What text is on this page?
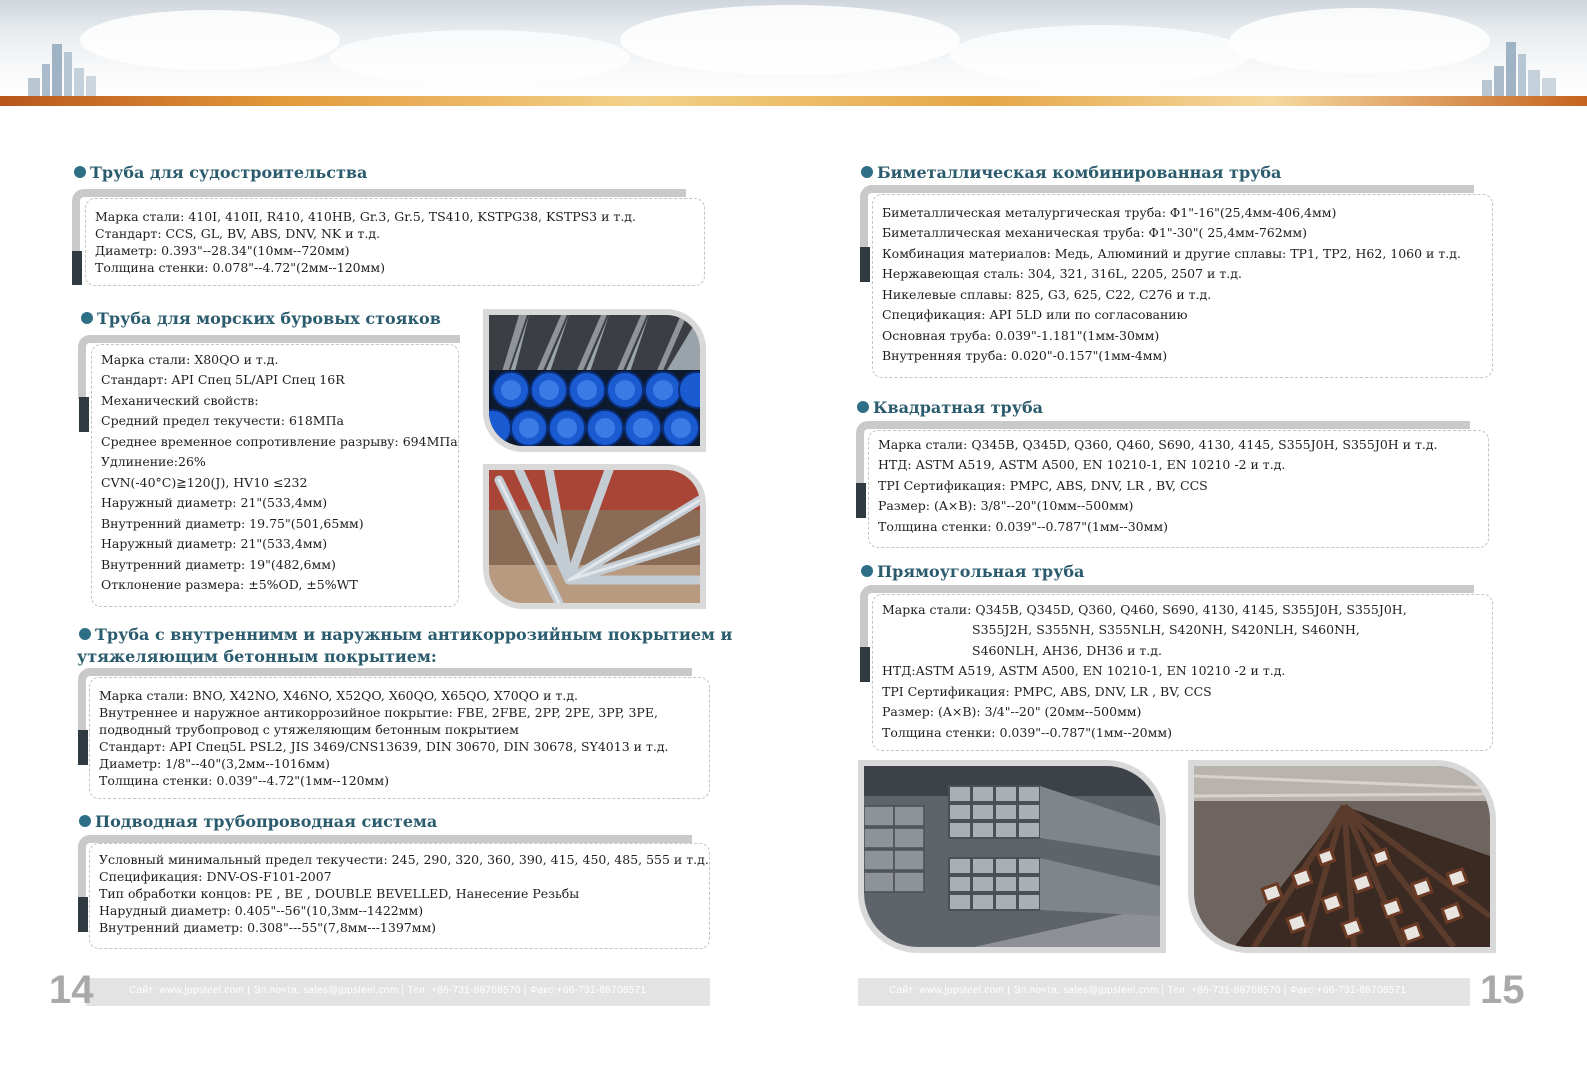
Труба для судостроительства
Марка стали: 410I, 410II, R410, 410HB, Gr.3, Gr.5, TS410, KSTPG38, KSTPS3 и т.д.
Стандарт: CCS, GL, BV, ABS, DNV, NK и т.д.
Диаметр: 0.393"--28.34"(10мм--720мм)
Толщина стенки: 0.078"--4.72"(2мм--120мм)
Труба для морских буровых стояков
Марка стали: X80QO и т.д.
Стандарт: API Спец 5L/API Спец 16R
Механический свойств:
Средний предел текучести: 618МПа
Среднее временное сопротивление разрыву: 694МПа
Удлинение:26%
CVN(-40°C)≧120(J), HV10 ≤232
Наружный диаметр: 21"(533,4мм)
Внутренний диаметр: 19.75"(501,65мм)
Наружный диаметр: 21"(533,4мм)
Внутренний диаметр: 19"(482,6мм)
Отклонение размера: ±5%OD, ±5%WT
Труба с внутреннимм и наружным антикоррозийным покрытием и
утяжеляющим бетонным покрытием:
Марка стали: BNO, X42NO, X46NO, X52QO, X60QO, X65QO, X70QO и т.д.
Внутреннее и наружное антикоррозийное покрытие: FBE, 2FBE, 2PP, 2PE, 3PP, 3PE,
подводный трубопровод с утяжеляющим бетонным покрытием
Стандарт: API Спец5L PSL2, JIS 3469/CNS13639, DIN 30670, DIN 30678, SY4013 и т.д.
Диаметр: 1/8"--40"(3,2мм--1016мм)
Толщина стенки: 0.039"--4.72"(1мм--120мм)
Подводная трубопроводная система
Условный минимальный предел текучести: 245, 290, 320, 360, 390, 415, 450, 485, 555 и т.д.
Спецификация: DNV-OS-F101-2007
Тип обработки концов: PE , BE , DOUBLE BEVELLED, Нанесение Резьбы
Нарудный диаметр: 0.405"--56"(10,3мм--1422мм)
Внутренний диаметр: 0.308"---55"(7,8мм---1397мм)
Сайт: www.jppsteel.com | Эл.почта: sales@jppsteel.com | Тел: +86-731-88708570 | Факс:+86-731-88708571
14
Биметаллическая комбинированная труба
Биметаллическая металургическая труба: Ф1"-16"(25,4мм-406,4мм)
Биметаллическая механическая труба: Ф1"-30"( 25,4мм-762мм)
Комбинация материалов: Медь, Алюминий и другие сплавы: TP1, TP2, H62, 1060 и т.д.
Нержавеющая сталь: 304, 321, 316L, 2205, 2507 и т.д.
Никелевые сплавы: 825, G3, 625, C22, C276 и т.д.
Спецификация: API 5LD или по согласованию
Основная труба: 0.039"-1.181"(1мм-30мм)
Внутренняя труба: 0.020"-0.157"(1мм-4мм)
Квадратная труба
Марка стали: Q345B, Q345D, Q360, Q460, S690, 4130, 4145, S355J0H, S355J0H и т.д.
НТД: ASTM A519, ASTM A500, EN 10210-1, EN 10210 -2 и т.д.
TPI Сертификация: PMPC, ABS, DNV, LR , BV, CCS
Размер: (A×B): 3/8"--20"(10мм--500мм)
Толщина стенки: 0.039"--0.787"(1мм--30мм)
Прямоугольная труба
Марка стали: Q345B, Q345D, Q360, Q460, S690, 4130, 4145, S355J0H, S355J0H,
S355J2H, S355NH, S355NLH, S420NH, S420NLH, S460NH,
S460NLH, AH36, DH36 и т.д.
НТД:ASTM A519, ASTM A500, EN 10210-1, EN 10210 -2 и т.д.
TPI Сертификация: PMPC, ABS, DNV, LR , BV, CCS
Размер: (A×B): 3/4"--20" (20мм--500мм)
Толщина стенки: 0.039"--0.787"(1мм--20мм)
Сайт: www.jppsteel.com | Эл.почта: sales@jppsteel.com | Тел: +86-731-88708570 | Факс:+86-731-88708571 15
